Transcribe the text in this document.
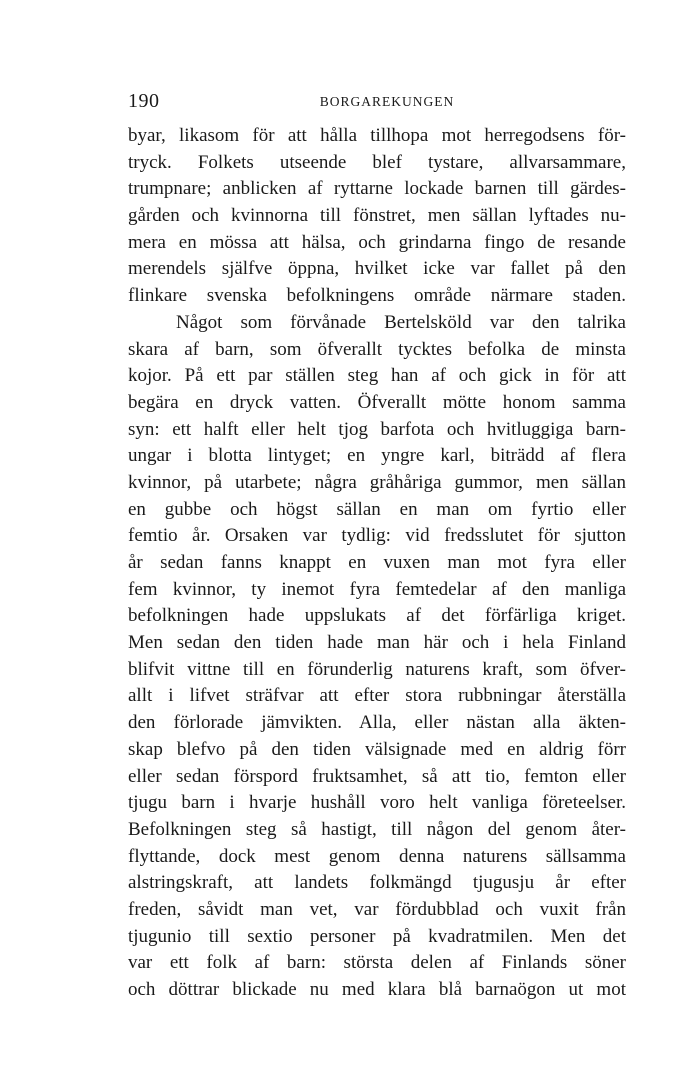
190	BORGAREKUNGEN
byar, likasom för att hålla tillhopa mot herregodsens för-
tryck. Folkets utseende blef tystare, allvarsammare,
trumpnare; anblicken af ryttarne lockade barnen till gärdes-
gården och kvinnorna till fönstret, men sällan lyftades nu-
mera en mössa att hälsa, och grindarna fingo de resande
merendels själfve öppna, hvilket icke var fallet på den
flinkare svenska befolkningens område närmare staden.
Något som förvånade Bertelsköld var den talrika
skara af barn, som öfverallt tycktes befolka de minsta
kojor. På ett par ställen steg han af och gick in för att
begära en dryck vatten. Öfverallt mötte honom samma
syn: ett halft eller helt tjog barfota och hvitluggiga barn-
ungar i blotta lintyget; en yngre karl, biträdd af flera
kvinnor, på utarbete; några gråhåriga gummor, men sällan
en gubbe och högst sällan en man om fyrtio eller
femtio år. Orsaken var tydlig: vid fredsslutet för sjutton
år sedan fanns knappt en vuxen man mot fyra eller
fem kvinnor, ty inemot fyra femtedelar af den manliga
befolkningen hade uppslukats af det förfärliga kriget.
Men sedan den tiden hade man här och i hela Finland
blifvit vittne till en förunderlig naturens kraft, som öfver-
allt i lifvet sträfvar att efter stora rubbningar återställa
den förlorade jämvikten. Alla, eller nästan alla äkten-
skap blefvo på den tiden välsignade med en aldrig förr
eller sedan förspord fruktsamhet, så att tio, femton eller
tjugu barn i hvarje hushåll voro helt vanliga företeelser.
Befolkningen steg så hastigt, till någon del genom åter-
flyttande, dock mest genom denna naturens sällsamma
alstringskraft, att landets folkmängd tjugusju år efter
freden, såvidt man vet, var fördubblad och vuxit från
tjugunio till sextio personer på kvadratmilen. Men det
var ett folk af barn: största delen af Finlands söner
och döttrar blickade nu med klara blå barnaögon ut mot
